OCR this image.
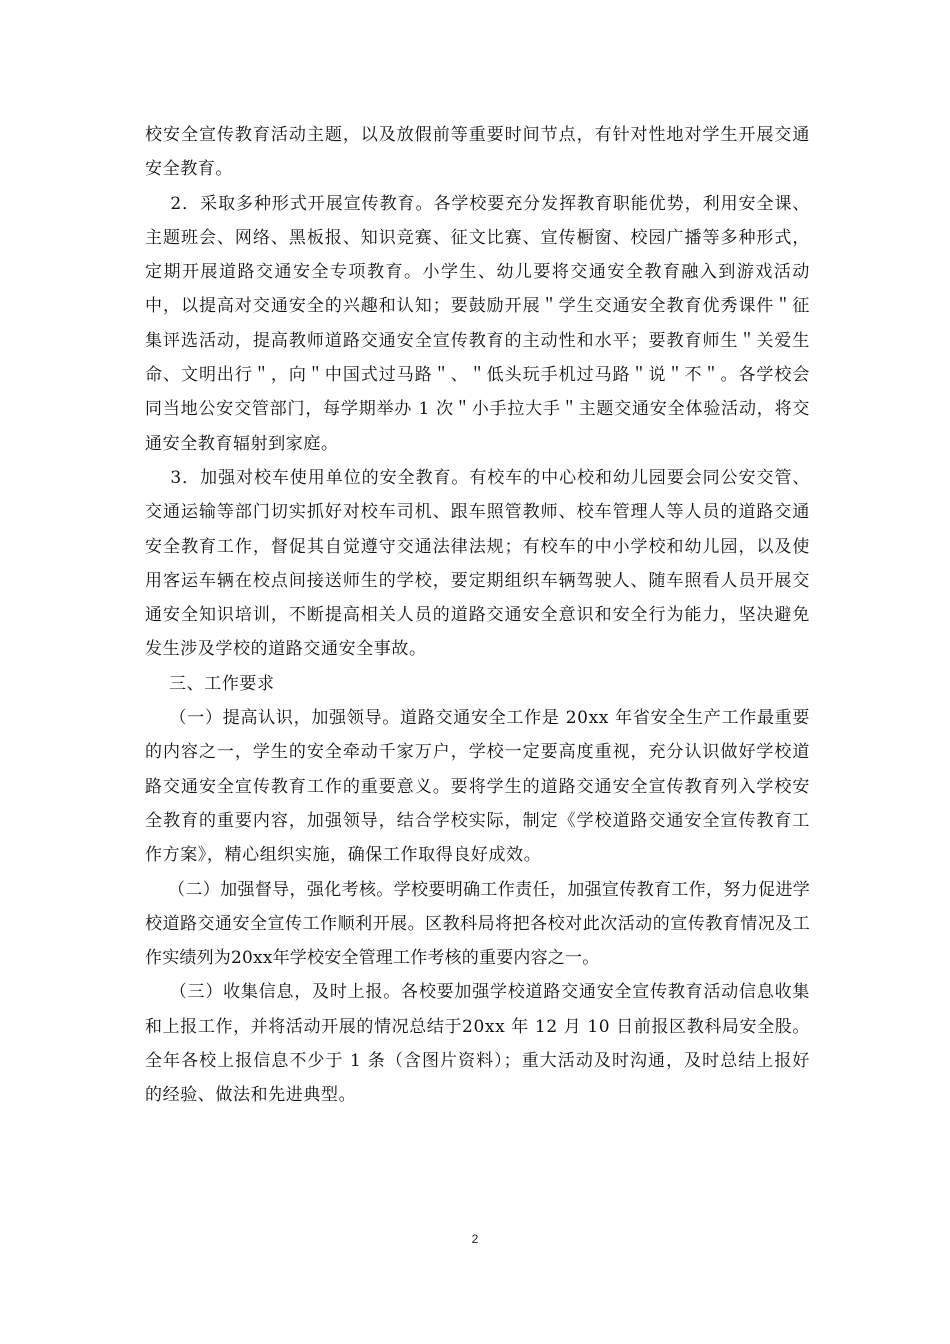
校安全宣传教育活动主题，以及放假前等重要时间节点，有针对性地对学生开展交通安全教育。

2．采取多种形式开展宣传教育。各学校要充分发挥教育职能优势，利用安全课、主题班会、网络、黑板报、知识竞赛、征文比赛、宣传橱窗、校园广播等多种形式，定期开展道路交通安全专项教育。小学生、幼儿要将交通安全教育融入到游戏活动中，以提高对交通安全的兴趣和认知；要鼓励开展＂学生交通安全教育优秀课件＂征集评选活动，提高教师道路交通安全宣传教育的主动性和水平；要教育师生＂关爱生命、文明出行＂，向＂中国式过马路＂、＂低头玩手机过马路＂说＂不＂。各学校会同当地公安交管部门，每学期举办 1 次＂小手拉大手＂主题交通安全体验活动，将交通安全教育辐射到家庭。

3．加强对校车使用单位的安全教育。有校车的中心校和幼儿园要会同公安交管、交通运输等部门切实抓好对校车司机、跟车照管教师、校车管理人等人员的道路交通安全教育工作，督促其自觉遵守交通法律法规；有校车的中小学校和幼儿园，以及使用客运车辆在校点间接送师生的学校，要定期组织车辆驾驶人、随车照看人员开展交通安全知识培训，不断提高相关人员的道路交通安全意识和安全行为能力，坚决避免发生涉及学校的道路交通安全事故。

三、工作要求

（一）提高认识，加强领导。道路交通安全工作是 20xx 年省安全生产工作最重要的内容之一，学生的安全牵动千家万户，学校一定要高度重视，充分认识做好学校道路交通安全宣传教育工作的重要意义。要将学生的道路交通安全宣传教育列入学校安全教育的重要内容，加强领导，结合学校实际，制定《学校道路交通安全宣传教育工作方案》，精心组织实施，确保工作取得良好成效。

（二）加强督导，强化考核。学校要明确工作责任，加强宣传教育工作，努力促进学校道路交通安全宣传工作顺利开展。区教科局将把各校对此次活动的宣传教育情况及工作实绩列为20xx年学校安全管理工作考核的重要内容之一。

（三）收集信息，及时上报。各校要加强学校道路交通安全宣传教育活动信息收集和上报工作，并将活动开展的情况总结于20xx 年 12 月 10 日前报区教科局安全股。全年各校上报信息不少于 1 条（含图片资料）；重大活动及时沟通，及时总结上报好的经验、做法和先进典型。

2
